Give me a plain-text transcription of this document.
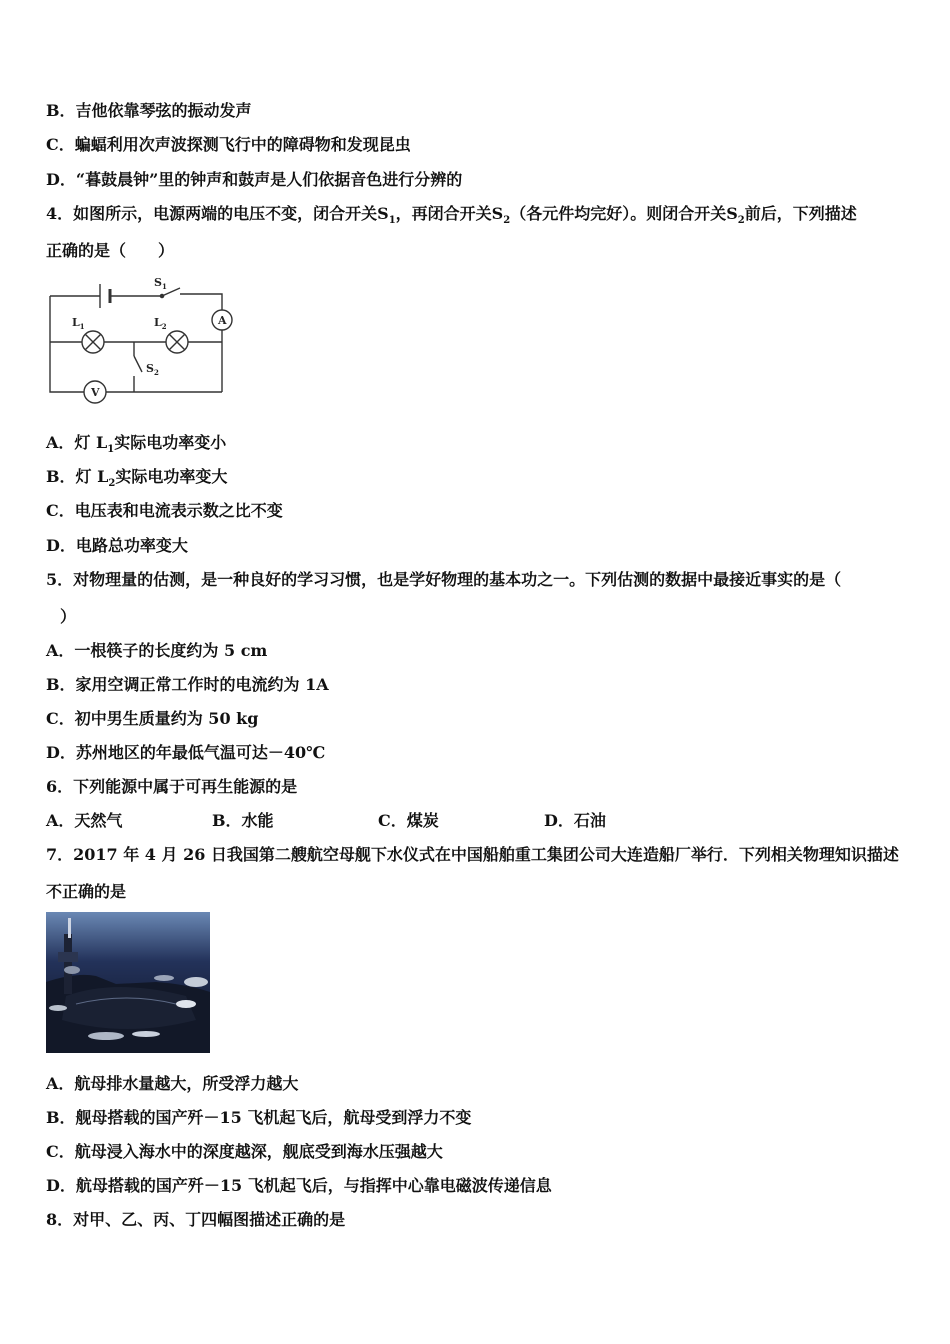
B．吉他依靠琴弦的振动发声
C．蝙蝠利用次声波探测飞行中的障碍物和发现昆虫
D．“暮鼓晨钟”里的钟声和鼓声是人们依据音色进行分辨的
4．如图所示，电源两端的电压不变，闭合开关$S_1$，再闭合开关$S_2$（各元件均完好）。则闭合开关$S_2$前后，下列描述
正确的是（　　）
$S_1$
$L_1$	$L_2$
$S_2$
A
V
A．灯 $L_1$实际电功率变小
B．灯 $L_2$实际电功率变大
C．电压表和电流表示数之比不变
D．电路总功率变大
5．对物理量的估测，是一种良好的学习习惯，也是学好物理的基本功之一。下列估测的数据中最接近事实的是（
）
A．一根筷子的长度约为 5 cm
B．家用空调正常工作时的电流约为 1A
C．初中男生质量约为 50 kg
D．苏州地区的年最低气温可达－40℃
6．下列能源中属于可再生能源的是
A．天然气	B．水能	C．煤炭	D．石油
7．2017 年 4 月 26 日我国第二艘航空母舰下水仪式在中国船舶重工集团公司大连造船厂举行．下列相关物理知识描述
不正确的是
A．航母排水量越大，所受浮力越大
B．舰母搭载的国产歼－15 飞机起飞后，航母受到浮力不变
C．航母浸入海水中的深度越深，舰底受到海水压强越大
D．航母搭载的国产歼－15 飞机起飞后，与指挥中心靠电磁波传递信息
8．对甲、乙、丙、丁四幅图描述正确的是
